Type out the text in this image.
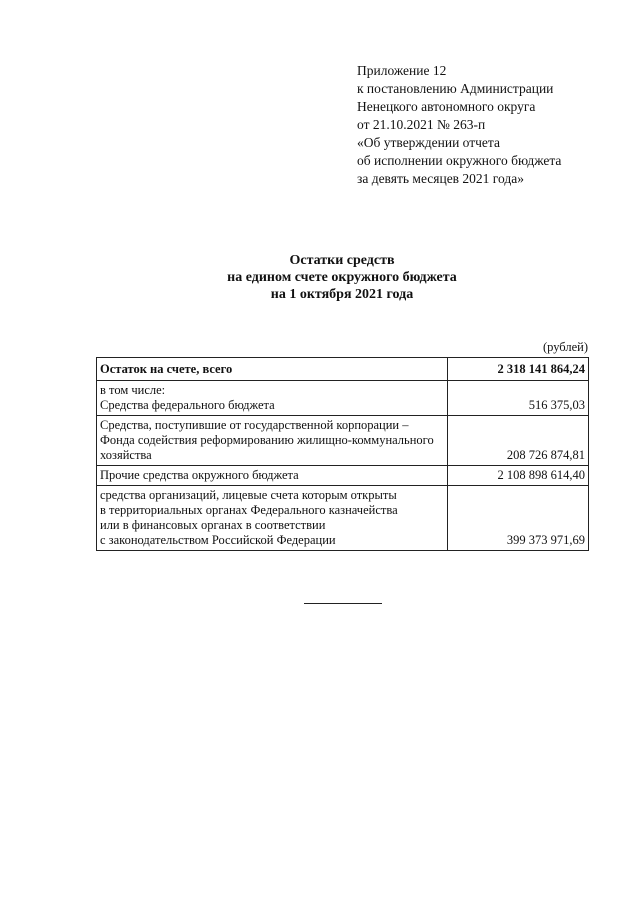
Приложение 12
к постановлению Администрации
Ненецкого автономного округа
от 21.10.2021 № 263-п
«Об утверждении отчета
об исполнении окружного бюджета
за девять месяцев 2021 года»
Остатки средств
на едином счете окружного бюджета
на 1 октября 2021 года
(рублей)
Остаток на счете, всего	2 318 141 864,24

в том числе:
Средства федерального бюджета	516 375,03

Средства, поступившие от государственной корпорации –
Фонда содействия реформированию жилищно-коммунального
хозяйства	208 726 874,81

Прочие средства окружного бюджета	2 108 898 614,40

средства организаций, лицевые счета которым открыты
в территориальных органах Федерального казначейства
или в финансовых органах в соответствии
с законодательством Российской Федерации	399 373 971,69
